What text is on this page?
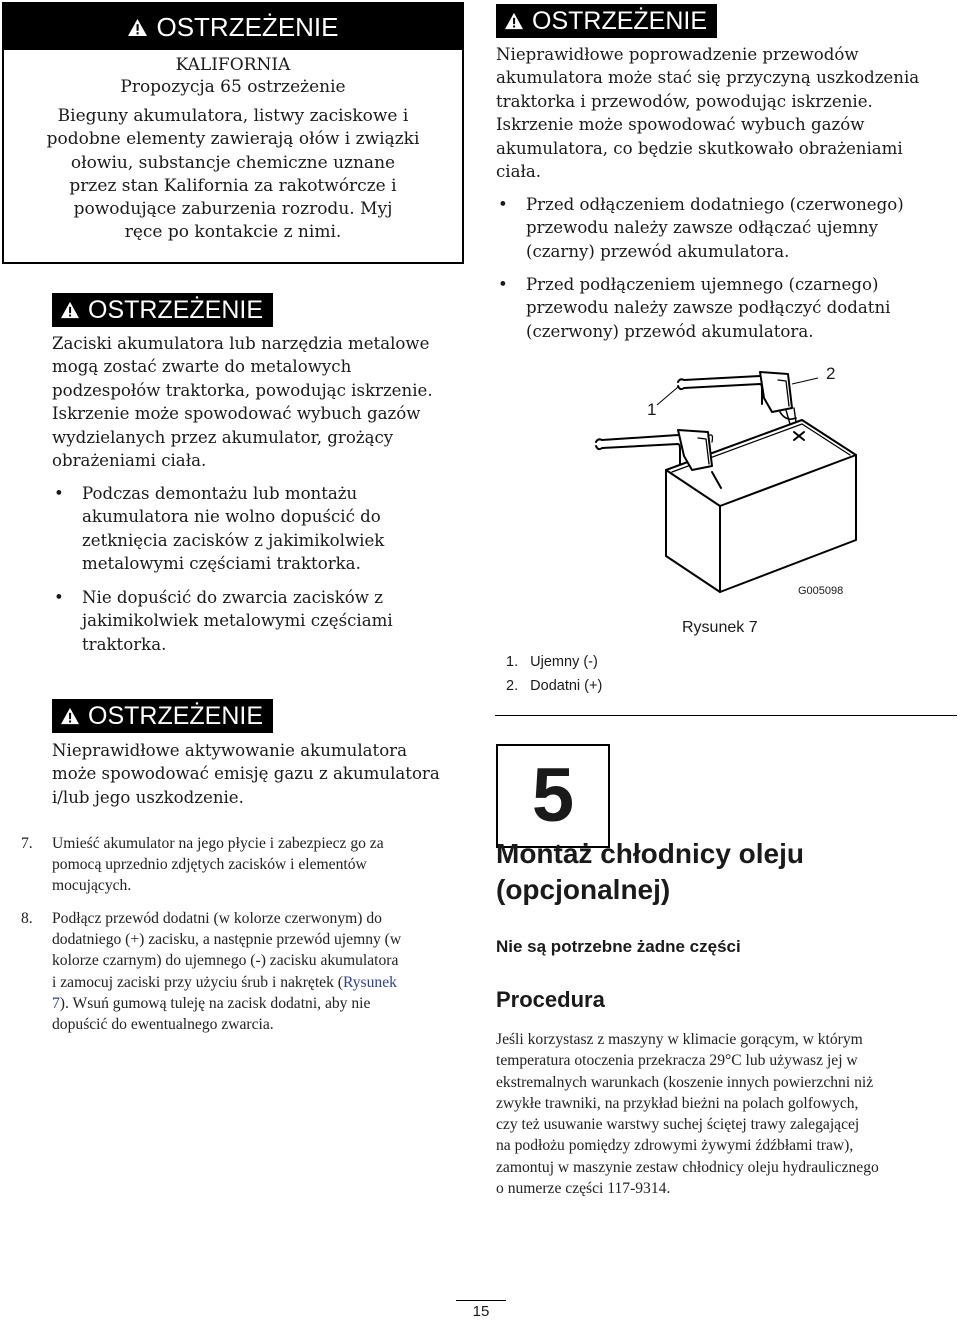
OSTRZEŻENIE
KALIFORNIA
Propozycja 65 ostrzeżenie
Bieguny akumulatora, listwy zaciskowe i
podobne elementy zawierają ołów i związki
ołowiu, substancje chemiczne uznane
przez stan Kalifornia za rakotwórcze i
powodujące zaburzenia rozrodu. Myj
ręce po kontakcie z nimi.
OSTRZEŻENIE
Zaciski akumulatora lub narzędzia metalowe
mogą zostać zwarte do metalowych
podzespołów traktorka, powodując iskrzenie.
Iskrzenie może spowodować wybuch gazów
wydzielanych przez akumulator, grożący
obrażeniami ciała.
• Podczas demontażu lub montażu
akumulatora nie wolno dopuścić do
zetknięcia zacisków z jakimikolwiek
metalowymi częściami traktorka.
• Nie dopuścić do zwarcia zacisków z
jakimikolwiek metalowymi częściami
traktorka.
OSTRZEŻENIE
Nieprawidłowe aktywowanie akumulatora
może spowodować emisję gazu z akumulatora
i/lub jego uszkodzenie.
7. Umieść akumulator na jego płycie i zabezpiecz go za
pomocą uprzednio zdjętych zacisków i elementów
mocujących.
8. Podłącz przewód dodatni (w kolorze czerwonym) do
dodatniego (+) zacisku, a następnie przewód ujemny (w
kolorze czarnym) do ujemnego (-) zacisku akumulatora
i zamocuj zaciski przy użyciu śrub i nakrętek (Rysunek
7). Wsuń gumową tuleję na zacisk dodatni, aby nie
dopuścić do ewentualnego zwarcia.
OSTRZEŻENIE
Nieprawidłowe poprowadzenie przewodów
akumulatora może stać się przyczyną uszkodzenia
traktorka i przewodów, powodując iskrzenie.
Iskrzenie może spowodować wybuch gazów
akumulatora, co będzie skutkowało obrażeniami
ciała.
• Przed odłączeniem dodatniego (czerwonego)
przewodu należy zawsze odłączać ujemny
(czarny) przewód akumulatora.
• Przed podłączeniem ujemnego (czarnego)
przewodu należy zawsze podłączyć dodatni
(czerwony) przewód akumulatora.
1
2
G005098
Rysunek 7
1.   Ujemny (-)
2.   Dodatni (+)
5
Montaż chłodnicy oleju
(opcjonalnej)
Nie są potrzebne żadne części
Procedura
Jeśli korzystasz z maszyny w klimacie gorącym, w którym
temperatura otoczenia przekracza 29°C lub używasz jej w
ekstremalnych warunkach (koszenie innych powierzchni niż
zwykłe trawniki, na przykład bieżni na polach golfowych,
czy też usuwanie warstwy suchej ściętej trawy zalegającej
na podłożu pomiędzy zdrowymi żywymi źdźbłami traw),
zamontuj w maszynie zestaw chłodnicy oleju hydraulicznego
o numerze części 117-9314.
15
